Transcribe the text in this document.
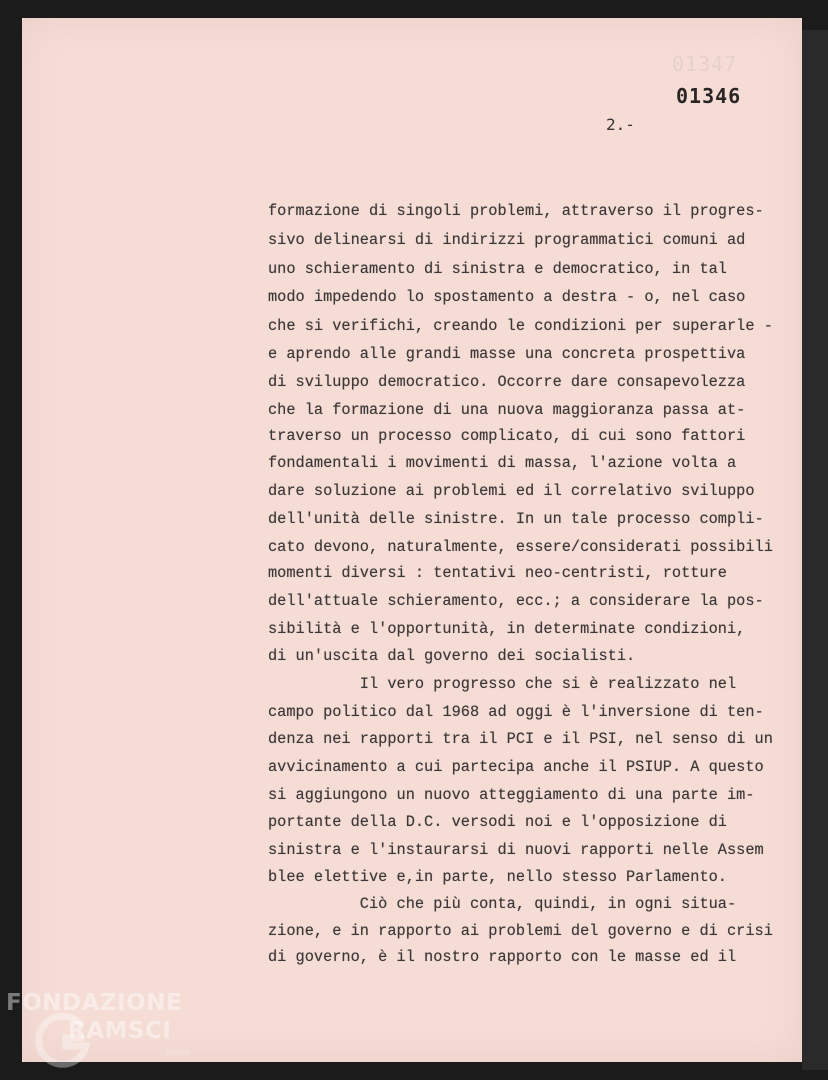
01347
01346
2.-
formazione di singoli problemi, attraverso il progres-
sivo delinearsi di indirizzi programmatici comuni ad
uno schieramento di sinistra e democratico, in tal
modo impedendo lo spostamento a destra - o, nel caso
che si verifichi, creando le condizioni per superarle -
e aprendo alle grandi masse una concreta prospettiva
di sviluppo democratico. Occorre dare consapevolezza
che la formazione di una nuova maggioranza passa at-
traverso un processo complicato, di cui sono fattori
fondamentali i movimenti di massa, l'azione volta a
dare soluzione ai problemi ed il correlativo sviluppo
dell'unità delle sinistre. In un tale processo compli-
cato devono, naturalmente, essere/considerati possibili
momenti diversi : tentativi neo-centristi, rotture
dell'attuale schieramento, ecc.; a considerare la pos-
sibilità e l'opportunità, in determinate condizioni,
di un'uscita dal governo dei socialisti.
Il vero progresso che si è realizzato nel
campo politico dal 1968 ad oggi è l'inversione di ten-
denza nei rapporti tra il PCI e il PSI, nel senso di un
avvicinamento a cui partecipa anche il PSIUP. A questo
si aggiungono un nuovo atteggiamento di una parte im-
portante della D.C. versodi noi e l'opposizione di
sinistra e l'instaurarsi di nuovi rapporti nelle Assem
blee elettive e,in parte, nello stesso Parlamento.
Ciò che più conta, quindi, in ogni situa-
zione, e in rapporto ai problemi del governo e di crisi
di governo, è il nostro rapporto con le masse ed il
FONDAZIONE
RAMSCI
onlus
